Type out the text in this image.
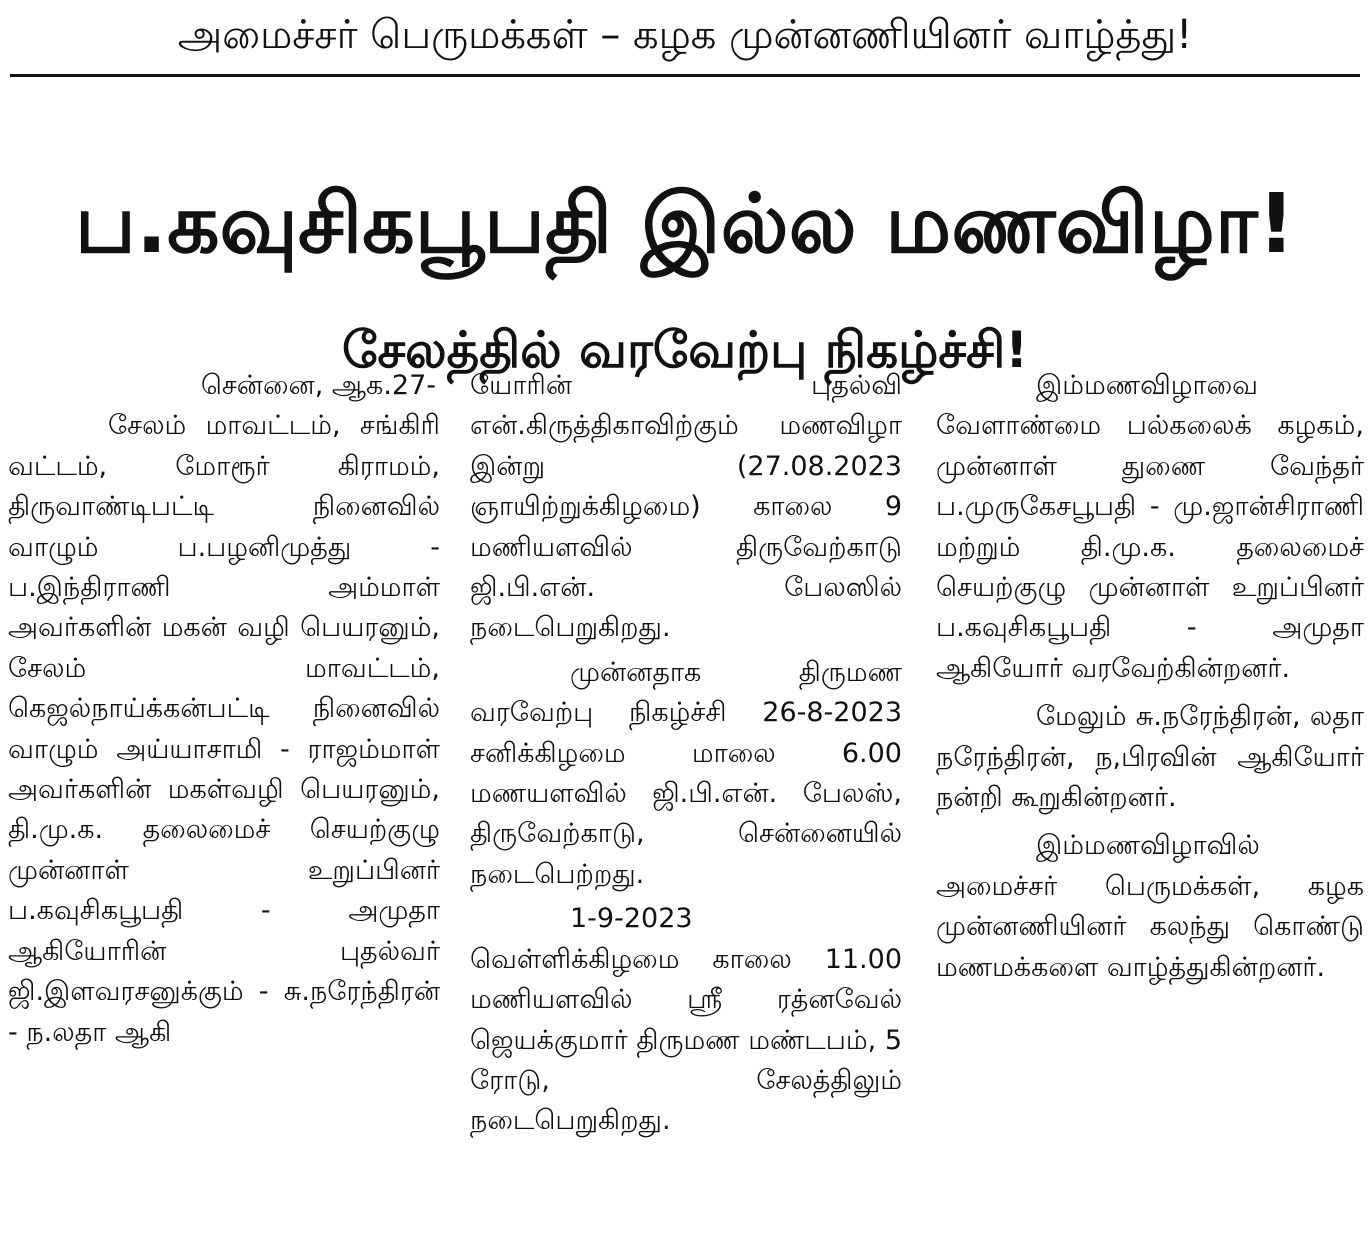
அமைச்சர் பெருமக்கள் – கழக முன்னணியினர் வாழ்த்து!
ப.கவுசிகபூபதி இல்ல மணவிழா!
சேலத்தில் வரவேற்பு நிகழ்ச்சி!

சென்னை, ஆக.27-

சேலம் மாவட்டம், சங்கிரி வட்டம், மோரூர் கிராமம், திருவாண்டிபட்டி நினைவில் வாழும் ப.பழனிமுத்து - ப.இந்திராணி அம்மாள் அவர்களின் மகன் வழி பெயரனும், சேலம் மாவட்டம், கெஜல்நாய்க்கன்பட்டி நினைவில் வாழும் அய்யாசாமி - ராஜம்மாள் அவர்களின் மகள்வழி பெயரனும், தி.மு.க. தலைமைச் செயற்குழு முன்னாள் உறுப்பினர் ப.கவுசிகபூபதி - அமுதா ஆகியோரின் புதல்வர் ஜி.இளவரசனுக்கும் - சு.நரேந்திரன் - ந.லதா ஆகி

யோரின் புதல்வி என்.கிருத்திகாவிற்கும் மணவிழா இன்று (27.08.2023 ஞாயிற்றுக்கிழமை) காலை 9 மணியளவில் திருவேற்காடு ஜி.பி.என். பேலஸில் நடைபெறுகிறது.

முன்னதாக திருமண வரவேற்பு நிகழ்ச்சி 26-8-2023 சனிக்கிழமை மாலை 6.00 மணயளவில் ஜி.பி.என். பேலஸ், திருவேற்காடு, சென்னையில் நடைபெற்றது.

1-9-2023 வெள்ளிக்கிழமை காலை 11.00 மணியளவில் ஶ்ரீ ரத்னவேல் ஜெயக்குமார் திருமண மண்டபம், 5 ரோடு, சேலத்திலும் நடைபெறுகிறது.

இம்மணவிழாவை வேளாண்மை பல்கலைக் கழகம், முன்னாள் துணை வேந்தர் ப.முருகேசபூபதி - மு.ஜான்சிராணி மற்றும் தி.மு.க. தலைமைச் செயற்குழு முன்னாள் உறுப்பினர் ப.கவுசிகபூபதி - அமுதா ஆகியோர் வரவேற்கின்றனர்.

மேலும் சு.நரேந்திரன், லதா நரேந்திரன், ந,பிரவின் ஆகியோர் நன்றி கூறுகின்றனர்.

இம்மணவிழாவில் அமைச்சர் பெருமக்கள், கழக முன்னணியினர் கலந்து கொண்டு மணமக்களை வாழ்த்துகின்றனர்.
